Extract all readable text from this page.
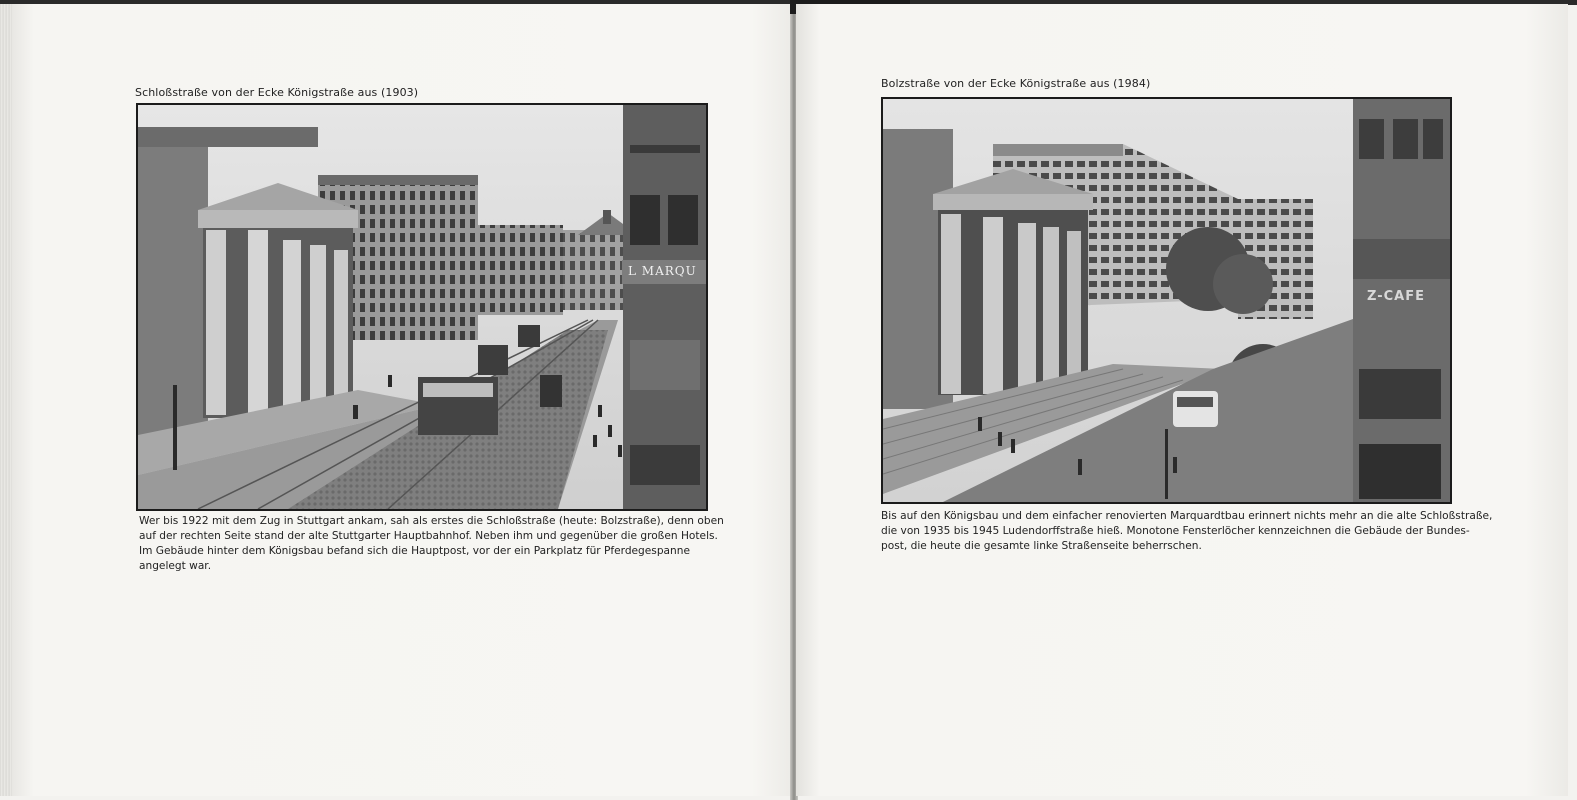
Schloßstraße von der Ecke Königstraße aus (1903)
L MARQU
Wer bis 1922 mit dem Zug in Stuttgart ankam, sah als erstes die Schloßstraße (heute: Bolzstraße), denn oben
auf der rechten Seite stand der alte Stuttgarter Hauptbahnhof. Neben ihm und gegenüber die großen Hotels.
Im Gebäude hinter dem Königsbau befand sich die Hauptpost, vor der ein Parkplatz für Pferdegespanne
angelegt war.
Bolzstraße von der Ecke Königstraße aus (1984)
Z-CAFE
Bis auf den Königsbau und dem einfacher renovierten Marquardtbau erinnert nichts mehr an die alte Schloßstraße,
die von 1935 bis 1945 Ludendorffstraße hieß. Monotone Fensterlöcher kennzeichnen die Gebäude der Bundes-
post, die heute die gesamte linke Straßenseite beherrschen.
